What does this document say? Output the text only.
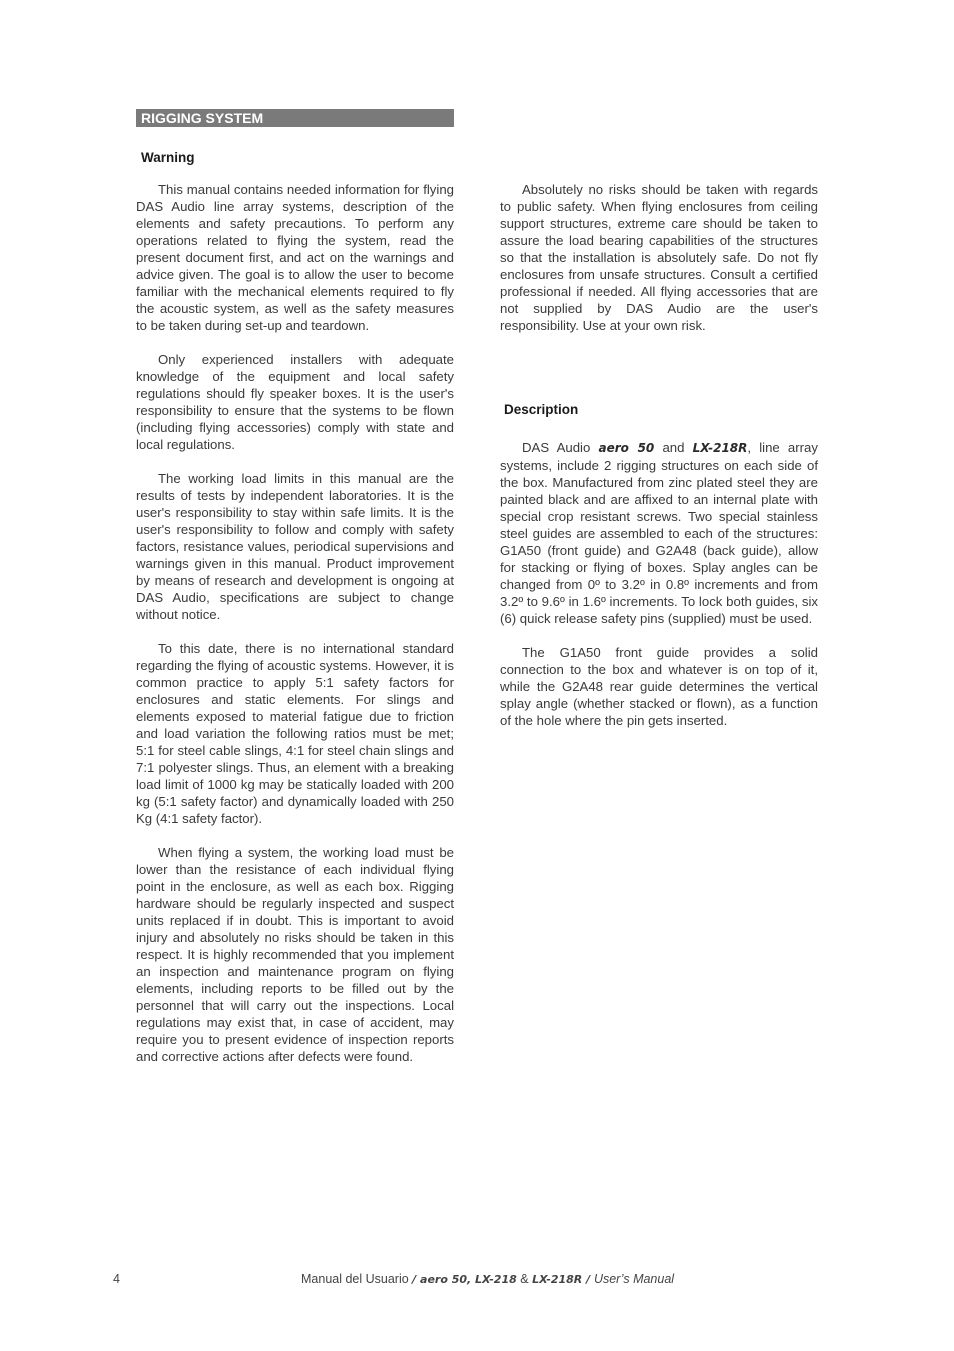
RIGGING SYSTEM
Warning

This manual contains needed information for flying DAS Audio line array systems, description of the elements and safety precautions. To perform any operations related to flying the system, read the present document first, and act on the warnings and advice given. The goal is to allow the user to become familiar with the mechanical elements required to fly the acoustic system, as well as the safety measures to be taken during set-up and teardown.

Only experienced installers with adequate knowledge of the equipment and local safety regulations should fly speaker boxes. It is the user's responsibility to ensure that the systems to be flown (including flying accessories) comply with state and local regulations.

The working load limits in this manual are the results of tests by independent laboratories. It is the user's responsibility to stay within safe limits. It is the user's responsibility to follow and comply with safety factors, resistance values, periodical supervisions and warnings given in this manual. Product improvement by means of research and development is ongoing at DAS Audio, specifications are subject to change without notice.

To this date, there is no international standard regarding the flying of acoustic systems. However, it is common practice to apply 5:1 safety factors for enclosures and static elements. For slings and elements exposed to material fatigue due to friction and load variation the following ratios must be met; 5:1 for steel cable slings, 4:1 for steel chain slings and 7:1 polyester slings. Thus, an element with a breaking load limit of 1000 kg may be statically loaded with 200 kg (5:1 safety factor) and dynamically loaded with 250 Kg (4:1 safety factor).

When flying a system, the working load must be lower than the resistance of each individual flying point in the enclosure, as well as each box. Rigging hardware should be regularly inspected and suspect units replaced if in doubt. This is important to avoid injury and absolutely no risks should be taken in this respect. It is highly recommended that you implement an inspection and maintenance program on flying elements, including reports to be filled out by the personnel that will carry out the inspections. Local regulations may exist that, in case of accident, may require you to present evidence of inspection reports and corrective actions after defects were found.

Absolutely no risks should be taken with regards to public safety. When flying enclosures from ceiling support structures, extreme care should be taken to assure the load bearing capabilities of the structures so that the installation is absolutely safe. Do not fly enclosures from unsafe structures. Consult a certified professional if needed. All flying accessories that are not supplied by DAS Audio are the user's responsibility. Use at your own risk.

Description

DAS Audio aero 50 and LX-218R, line array systems, include 2 rigging structures on each side of the box. Manufactured from zinc plated steel they are painted black and are affixed to an internal plate with special crop resistant screws. Two special stainless steel guides are assembled to each of the structures: G1A50 (front guide) and G2A48 (back guide), allow for stacking or flying of boxes. Splay angles can be changed from 0º to 3.2º in 0.8º increments and from 3.2º to 9.6º in 1.6º increments. To lock both guides, six (6) quick release safety pins (supplied) must be used.

The G1A50 front guide provides a solid connection to the box and whatever is on top of it, while the G2A48 rear guide determines the vertical splay angle (whether stacked or flown), as a function of the hole where the pin gets inserted.

4	Manual del Usuario / aero 50, LX-218 & LX-218R / User’s Manual
